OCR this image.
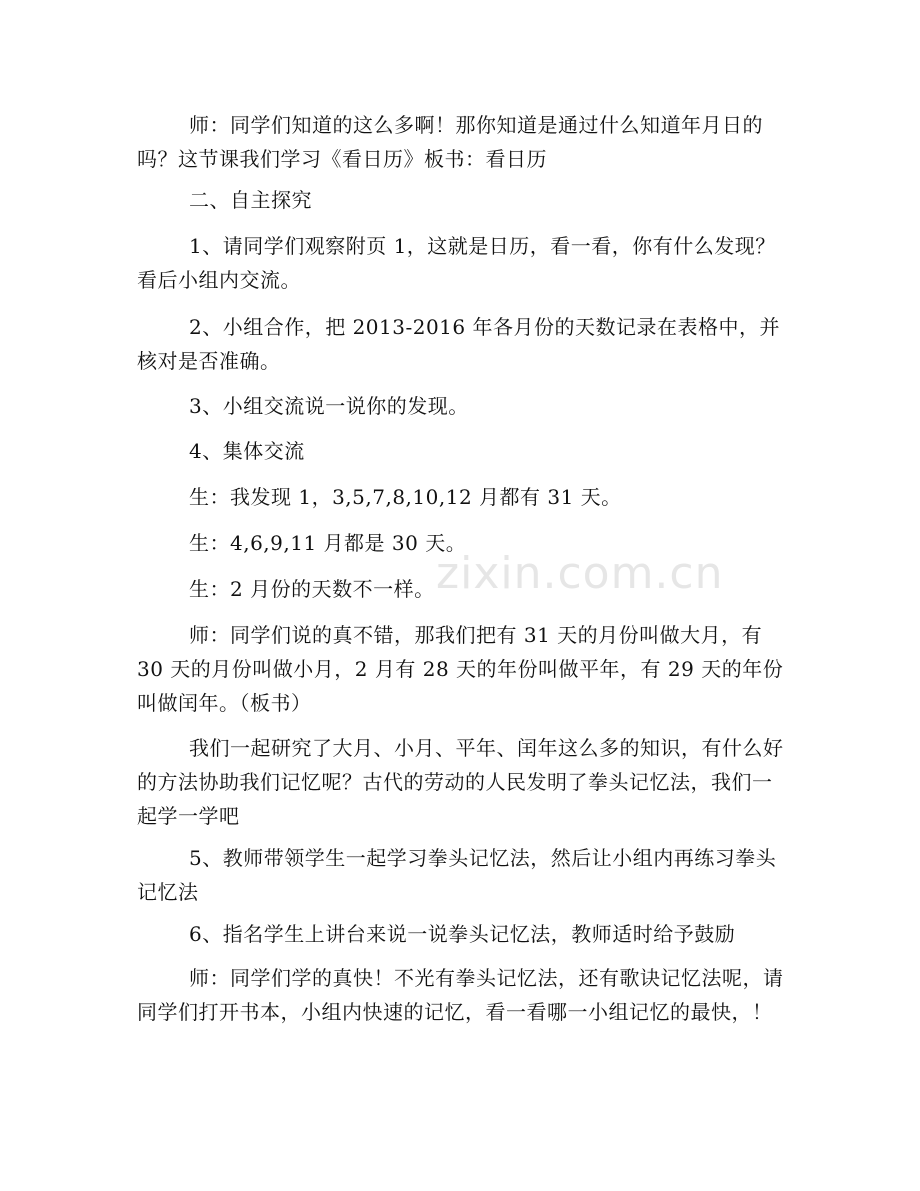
zixin.com.cn

师：同学们知道的这么多啊！那你知道是通过什么知道年月日的吗？这节课我们学习《看日历》板书：看日历

二、自主探究

1、请同学们观察附页 1，这就是日历，看一看，你有什么发现？看后小组内交流。

2、小组合作，把 2013-2016 年各月份的天数记录在表格中，并核对是否准确。

3、小组交流说一说你的发现。

4、集体交流

生：我发现 1，3,5,7,8,10,12 月都有 31 天。

生：4,6,9,11 月都是 30 天。

生：2 月份的天数不一样。

师：同学们说的真不错，那我们把有 31 天的月份叫做大月，有30 天的月份叫做小月，2 月有 28 天的年份叫做平年，有 29 天的年份叫做闰年。（板书）

我们一起研究了大月、小月、平年、闰年这么多的知识，有什么好的方法协助我们记忆呢？古代的劳动的人民发明了拳头记忆法，我们一起学一学吧

5、教师带领学生一起学习拳头记忆法，然后让小组内再练习拳头记忆法

6、指名学生上讲台来说一说拳头记忆法，教师适时给予鼓励

师：同学们学的真快！不光有拳头记忆法，还有歌诀记忆法呢，请同学们打开书本，小组内快速的记忆，看一看哪一小组记忆的最快，！
